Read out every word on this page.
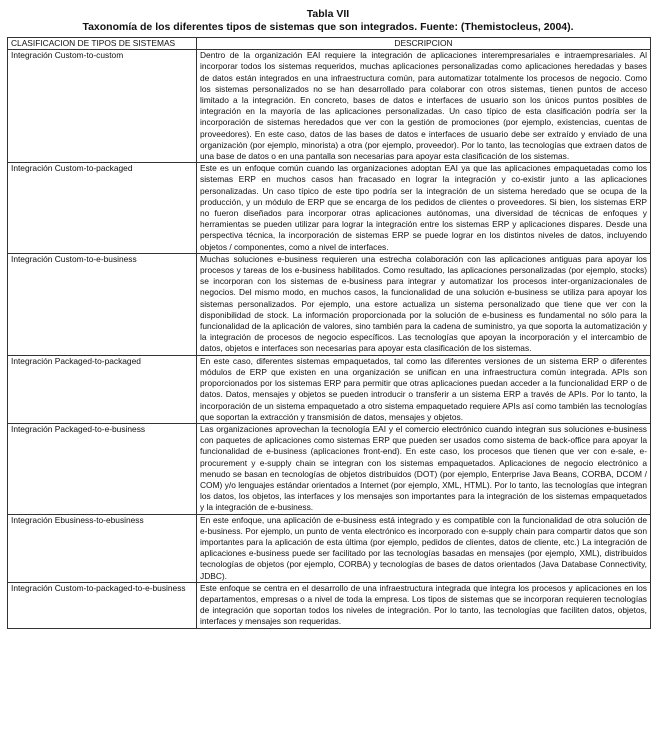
Tabla VII
Taxonomía de los diferentes tipos de sistemas que son integrados. Fuente: (Themistocleus, 2004).
CLASIFICACION DE TIPOS DE SISTEMAS	DESCRIPCION
Integración Custom-to-custom	Dentro de la organización EAI requiere la integración de aplicaciones interempresariales e intraempresariales. Al incorporar todos los sistemas requeridos, muchas aplicaciones personalizadas como aplicaciones heredadas y bases de datos están integrados en una infraestructura común, para automatizar totalmente los procesos de negocio. Como los sistemas personalizados no se han desarrollado para colaborar con otros sistemas, tienen puntos de acceso limitado a la integración. En concreto, bases de datos e interfaces de usuario son los únicos puntos posibles de integración en la mayoría de las aplicaciones personalizadas. Un caso típico de esta clasificación podría ser la incorporación de sistemas heredados que ver con la gestión de promociones (por ejemplo, existencias, cuentas de proveedores). En este caso, datos de las bases de datos e interfaces de usuario debe ser extraído y enviado de una organización (por ejemplo, minorista) a otra (por ejemplo, proveedor). Por lo tanto, las tecnologías que extraen datos de una base de datos o en una pantalla son necesarias para apoyar esta clasificación de los sistemas.
Integración Custom-to-packaged	Este es un enfoque común cuando las organizaciones adoptan EAI ya que las aplicaciones empaquetadas como los sistemas ERP en muchos casos han fracasado en lograr la integración y co-existir junto a las aplicaciones personalizadas. Un caso típico de este tipo podría ser la integración de un sistema heredado que se ocupa de la producción, y un módulo de ERP que se encarga de los pedidos de clientes o proveedores. Si bien, los sistemas ERP no fueron diseñados para incorporar otras aplicaciones autónomas, una diversidad de técnicas de enfoques y herramientas se pueden utilizar para lograr la integración entre los sistemas ERP y aplicaciones dispares. Desde una perspectiva técnica, la incorporación de sistemas ERP se puede lograr en los distintos niveles de datos, incluyendo objetos / componentes, como a nivel de interfaces.
Integración Custom-to-e-business	Muchas soluciones e-business requieren una estrecha colaboración con las aplicaciones antiguas para apoyar los procesos y tareas de los e-business habilitados. Como resultado, las aplicaciones personalizadas (por ejemplo, stocks) se incorporan con los sistemas de e-business para integrar y automatizar los procesos inter-organizacionales de negocios. Del mismo modo, en muchos casos, la funcionalidad de una solución e-business se utiliza para apoyar los sistemas personalizados. Por ejemplo, una estore actualiza un sistema personalizado que tiene que ver con la disponibilidad de stock. La información proporcionada por la solución de e-business es fundamental no sólo para la funcionalidad de la aplicación de valores, sino también para la cadena de suministro, ya que soporta la automatización y la integración de procesos de negocio específicos. Las tecnologías que apoyan la incorporación y el intercambio de datos, objetos e interfaces son necesarias para apoyar esta clasificación de los sistemas.
Integración Packaged-to-packaged	En este caso, diferentes sistemas empaquetados, tal como las diferentes versiones de un sistema ERP o diferentes módulos de ERP que existen en una organización se unifican en una infraestructura común integrada. APIs son proporcionados por los sistemas ERP para permitir que otras aplicaciones puedan acceder a la funcionalidad ERP o de datos. Datos, mensajes y objetos se pueden introducir o transferir a un sistema ERP a través de APIs. Por lo tanto, la incorporación de un sistema empaquetado a otro sistema empaquetado requiere APIs así como también las tecnologías que soportan la extracción y transmisión de datos, mensajes y objetos.
Integración Packaged-to-e-business	Las organizaciones aprovechan la tecnología EAI y el comercio electrónico cuando integran sus soluciones e-business con paquetes de aplicaciones como sistemas ERP que pueden ser usados como sistema de back-office para apoyar la funcionalidad de e-business (aplicaciones front-end). En este caso, los procesos que tienen que ver con e-sale, e-procurement y e-supply chain se integran con los sistemas empaquetados. Aplicaciones de negocio electrónico a menudo se basan en tecnologías de objetos distribuidos (DOT) (por ejemplo, Enterprise Java Beans, CORBA, DCOM / COM) y/o lenguajes estándar orientados a Internet (por ejemplo, XML, HTML). Por lo tanto, las tecnologías que integran los datos, los objetos, las interfaces y los mensajes son importantes para la integración de los sistemas empaquetados y la integración de e-business.
Integración Ebusiness-to-ebusiness	En este enfoque, una aplicación de e-business está integrado y es compatible con la funcionalidad de otra solución de e-business. Por ejemplo, un punto de venta electrónico es incorporado con e-supply chain para compartir datos que son importantes para la aplicación de esta última (por ejemplo, pedidos de clientes, datos de cliente, etc.) La integración de aplicaciones e-business puede ser facilitado por las tecnologías basadas en mensajes (por ejemplo, XML), distribuidos tecnologías de objetos (por ejemplo, CORBA) y tecnologías de bases de datos orientados (Java Database Connectivity, JDBC).
Integración Custom-to-packaged-to-e-business	Este enfoque se centra en el desarrollo de una infraestructura integrada que integra los procesos y aplicaciones en los departamentos, empresas o a nivel de toda la empresa. Los tipos de sistemas que se incorporan requieren tecnologías de integración que soportan todos los niveles de integración. Por lo tanto, las tecnologías que faciliten datos, objetos, interfaces y mensajes son requeridas.
